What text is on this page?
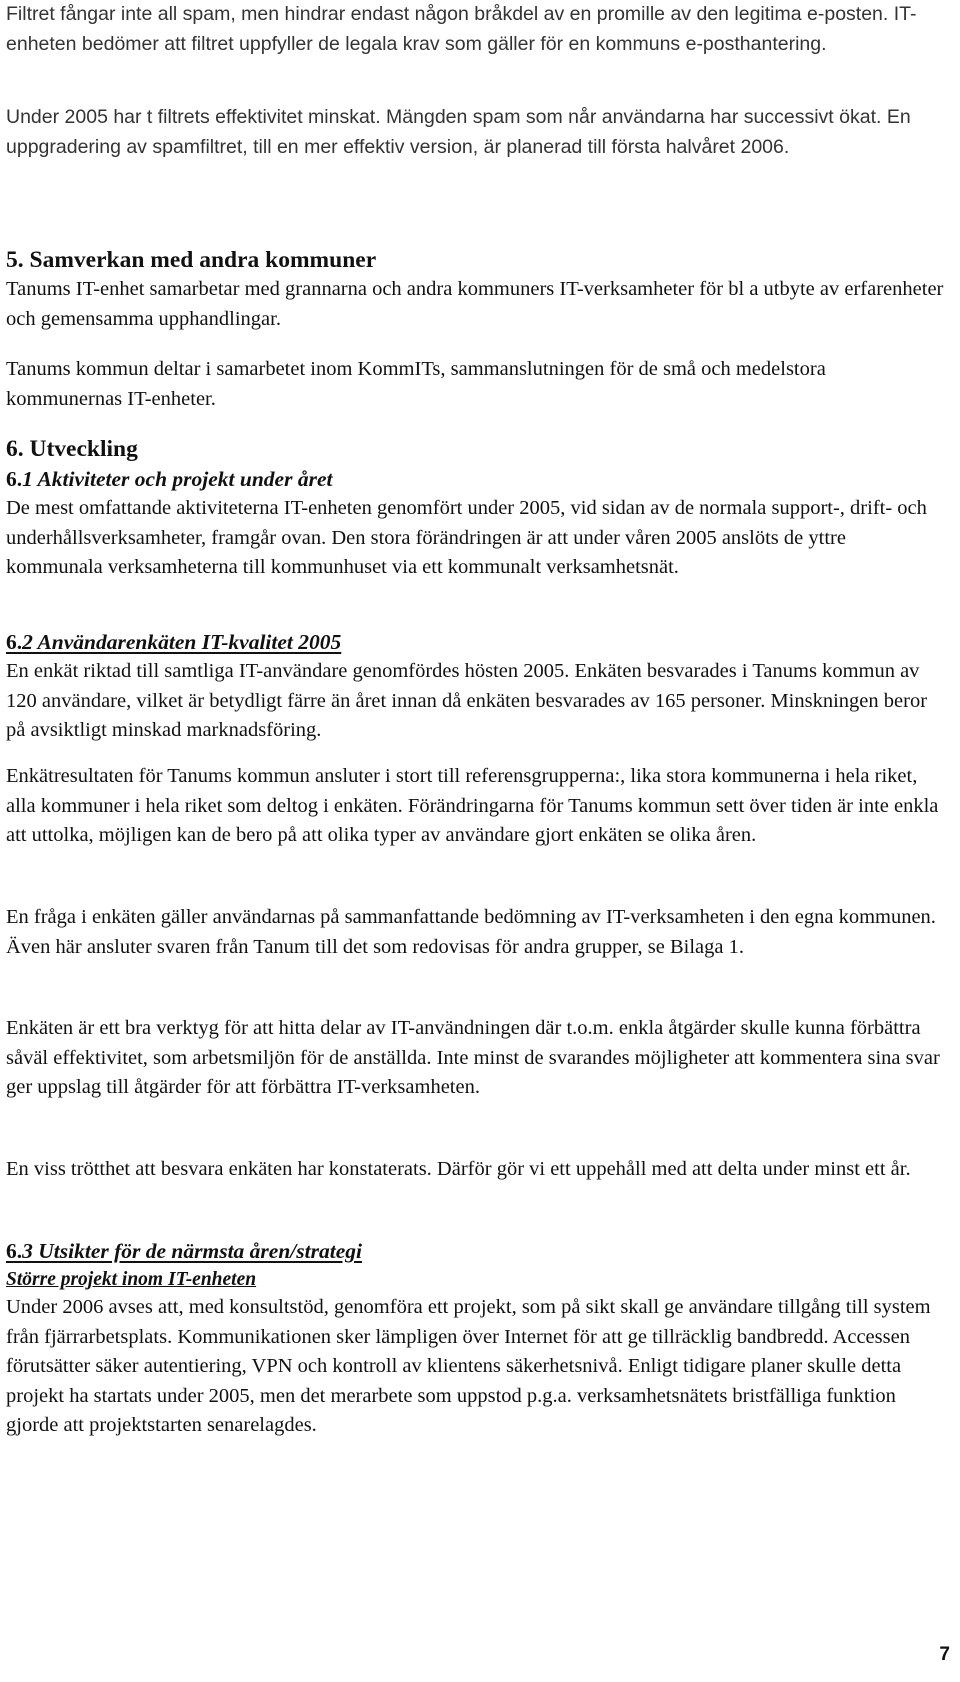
Filtret fångar inte all spam, men hindrar endast någon bråkdel av en promille av den legitima e-posten. IT-enheten bedömer att filtret uppfyller de legala krav som gäller för en kommuns e-posthantering.

Under 2005 har t filtrets effektivitet minskat. Mängden spam som når användarna har successivt ökat. En uppgradering av spamfiltret, till en mer effektiv version, är planerad till första halvåret 2006.

5. Samverkan med andra kommuner

Tanums IT-enhet samarbetar med grannarna och andra kommuners IT-verksamheter för bl a utbyte av erfarenheter och gemensamma upphandlingar.

Tanums kommun deltar i samarbetet inom KommITs, sammanslutningen för de små och medelstora kommunernas IT-enheter.

6. Utveckling
6.1 Aktiviteter och projekt under året

De mest omfattande aktiviteterna IT-enheten genomfört under 2005, vid sidan av de normala support-, drift- och underhållsverksamheter, framgår ovan. Den stora förändringen är att under våren 2005 anslöts de yttre kommunala verksamheterna till kommunhuset via ett kommunalt verksamhetsnät.

6.2 Användarenkäten IT-kvalitet 2005

En enkät riktad till samtliga IT-användare genomfördes hösten 2005. Enkäten besvarades i Tanums kommun av 120 användare, vilket är betydligt färre än året innan då enkäten besvarades av 165 personer. Minskningen beror på avsiktligt minskad marknadsföring.

Enkätresultaten för Tanums kommun ansluter i stort till referensgrupperna:, lika stora kommunerna i hela riket, alla kommuner i hela riket som deltog i enkäten. Förändringarna för Tanums kommun sett över tiden är inte enkla att uttolka, möjligen kan de bero på att olika typer av användare gjort enkäten se olika åren.

En fråga i enkäten gäller användarnas på sammanfattande bedömning av IT-verksamheten i den egna kommunen. Även här ansluter svaren från Tanum till det som redovisas för andra grupper, se Bilaga 1.

Enkäten är ett bra verktyg för att hitta delar av IT-användningen där t.o.m. enkla åtgärder skulle kunna förbättra såväl effektivitet, som arbetsmiljön för de anställda. Inte minst de svarandes möjligheter att kommentera sina svar ger uppslag till åtgärder för att förbättra IT-verksamheten.

En viss trötthet att besvara enkäten har konstaterats. Därför gör vi ett uppehåll med att delta under minst ett år.

6.3 Utsikter för de närmsta åren/strategi
Större projekt inom IT-enheten

Under 2006 avses att, med konsultstöd, genomföra ett projekt, som på sikt skall ge användare tillgång till system från fjärrarbetsplats. Kommunikationen sker lämpligen över Internet för att ge tillräcklig bandbredd. Accessen förutsätter säker autentiering, VPN och kontroll av klientens säkerhetsnivå. Enligt tidigare planer skulle detta projekt ha startats under 2005, men det merarbete som uppstod p.g.a. verksamhetsnätets bristfälliga funktion gjorde att projektstarten senarelagdes.

7
